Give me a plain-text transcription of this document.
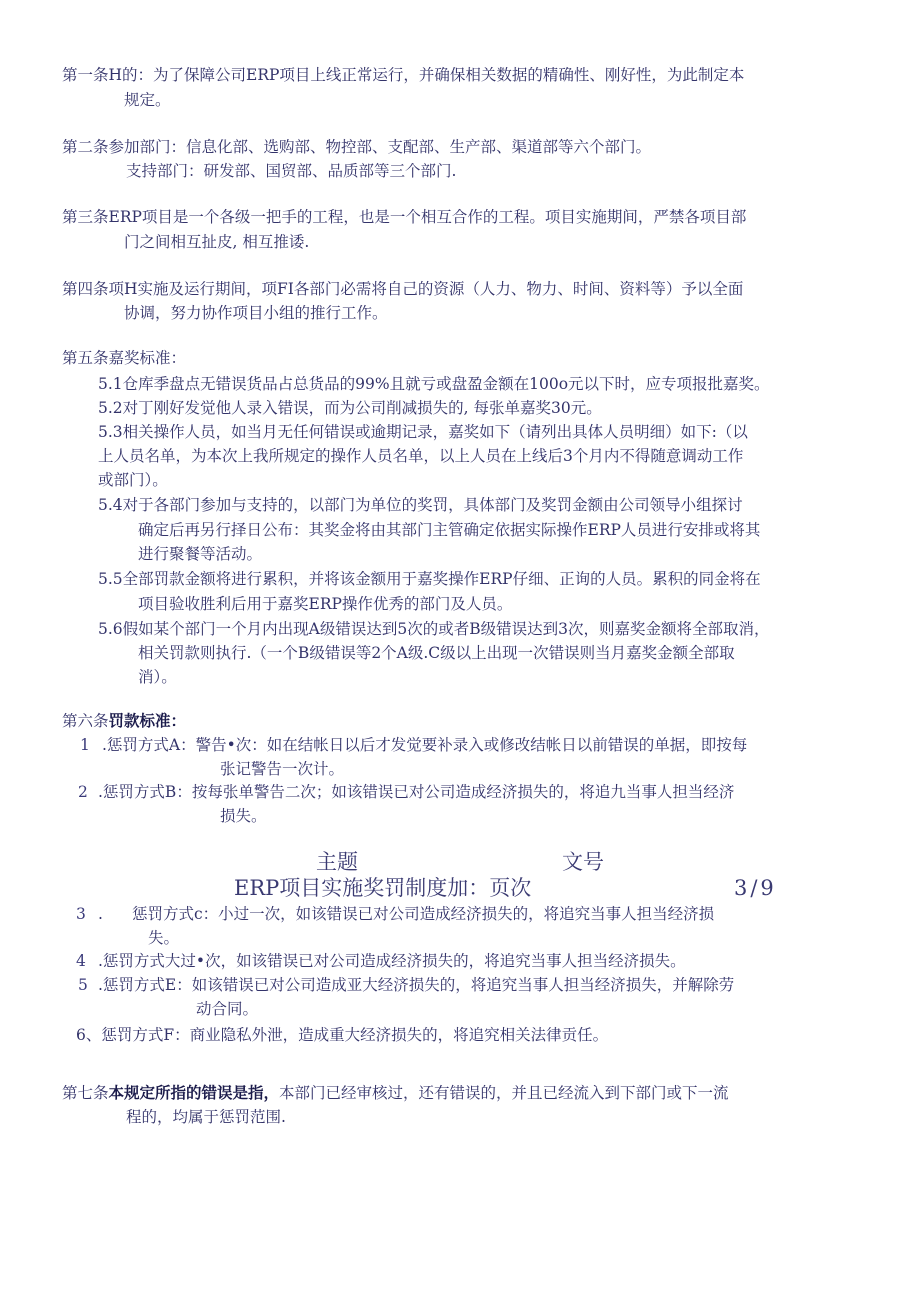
第一条H的：为了保障公司ERP项目上线正常运行，并确保相关数据的精确性、刚好性，为此制定本
规定。
第二条参加部门：信息化部、选购部、物控部、支配部、生产部、渠道部等六个部门。
支持部门：研发部、国贸部、品质部等三个部门.
第三条ERP项目是一个各级一把手的工程，也是一个相互合作的工程。项目实施期间，严禁各项目部
门之间相互扯皮, 相互推诿.
第四条项H实施及运行期间，项FI各部门必需将自己的资源（人力、物力、时间、资料等）予以全面
协调，努力协作项目小组的推行工作。
第五条嘉奖标准：
5.1仓库季盘点无错误货品占总货品的99%且就亏或盘盈金额在100o元以下时，应专项报批嘉奖。
5.2对丁刚好发觉他人录入错误，而为公司削减损失的, 每张单嘉奖30元。
5.3相关操作人员，如当月无任何错误或逾期记录，嘉奖如下（请列出具体人员明细）如下:（以
上人员名单，为本次上我所规定的操作人员名单，以上人员在上线后3个月内不得随意调动工作
或部门）。
5.4对于各部门参加与支持的，以部门为单位的奖罚，具体部门及奖罚金额由公司领导小组探讨
确定后再另行择日公布：其奖金将由其部门主管确定依据实际操作ERP人员进行安排或将其
进行聚餐等活动。
5.5全部罚款金额将进行累积，并将该金额用于嘉奖操作ERP仔细、正询的人员。累积的同金将在
项目验收胜利后用于嘉奖ERP操作优秀的部门及人员。
5.6假如某个部门一个月内出现A级错误达到5次的或者B级错误达到3次，则嘉奖金额将全部取消，
相关罚款则执行.（一个B级错误等2个A级.C级以上出现一次错误则当月嘉奖金额全部取
消）。
第六条罚款标准：
1 .惩罚方式A：警告•次：如在结帐日以后才发觉要补录入或修改结帐日以前错误的单据，即按每
张记警告一次计。
2 .惩罚方式B：按每张单警告二次；如该错误已对公司造成经济损失的，将追九当事人担当经济
损失。
主题	文号
ERP项目实施奖罚制度加：页次	3/9
3 . 惩罚方式c：小过一次，如该错误已对公司造成经济损失的，将追究当事人担当经济损
失。
4 .惩罚方式大过•次，如该错误已对公司造成经济损失的，将追究当事人担当经济损失。
5 .惩罚方式E：如该错误已对公司造成亚大经济损失的，将追究当事人担当经济损失，并解除劳
动合同。
6、惩罚方式F：商业隐私外泄，造成重大经济损失的，将追究相关法律贡任。
第七条本规定所指的错误是指，本部门已经审核过，还有错误的，并且已经流入到下部门或下一流
程的，均属于惩罚范围.
